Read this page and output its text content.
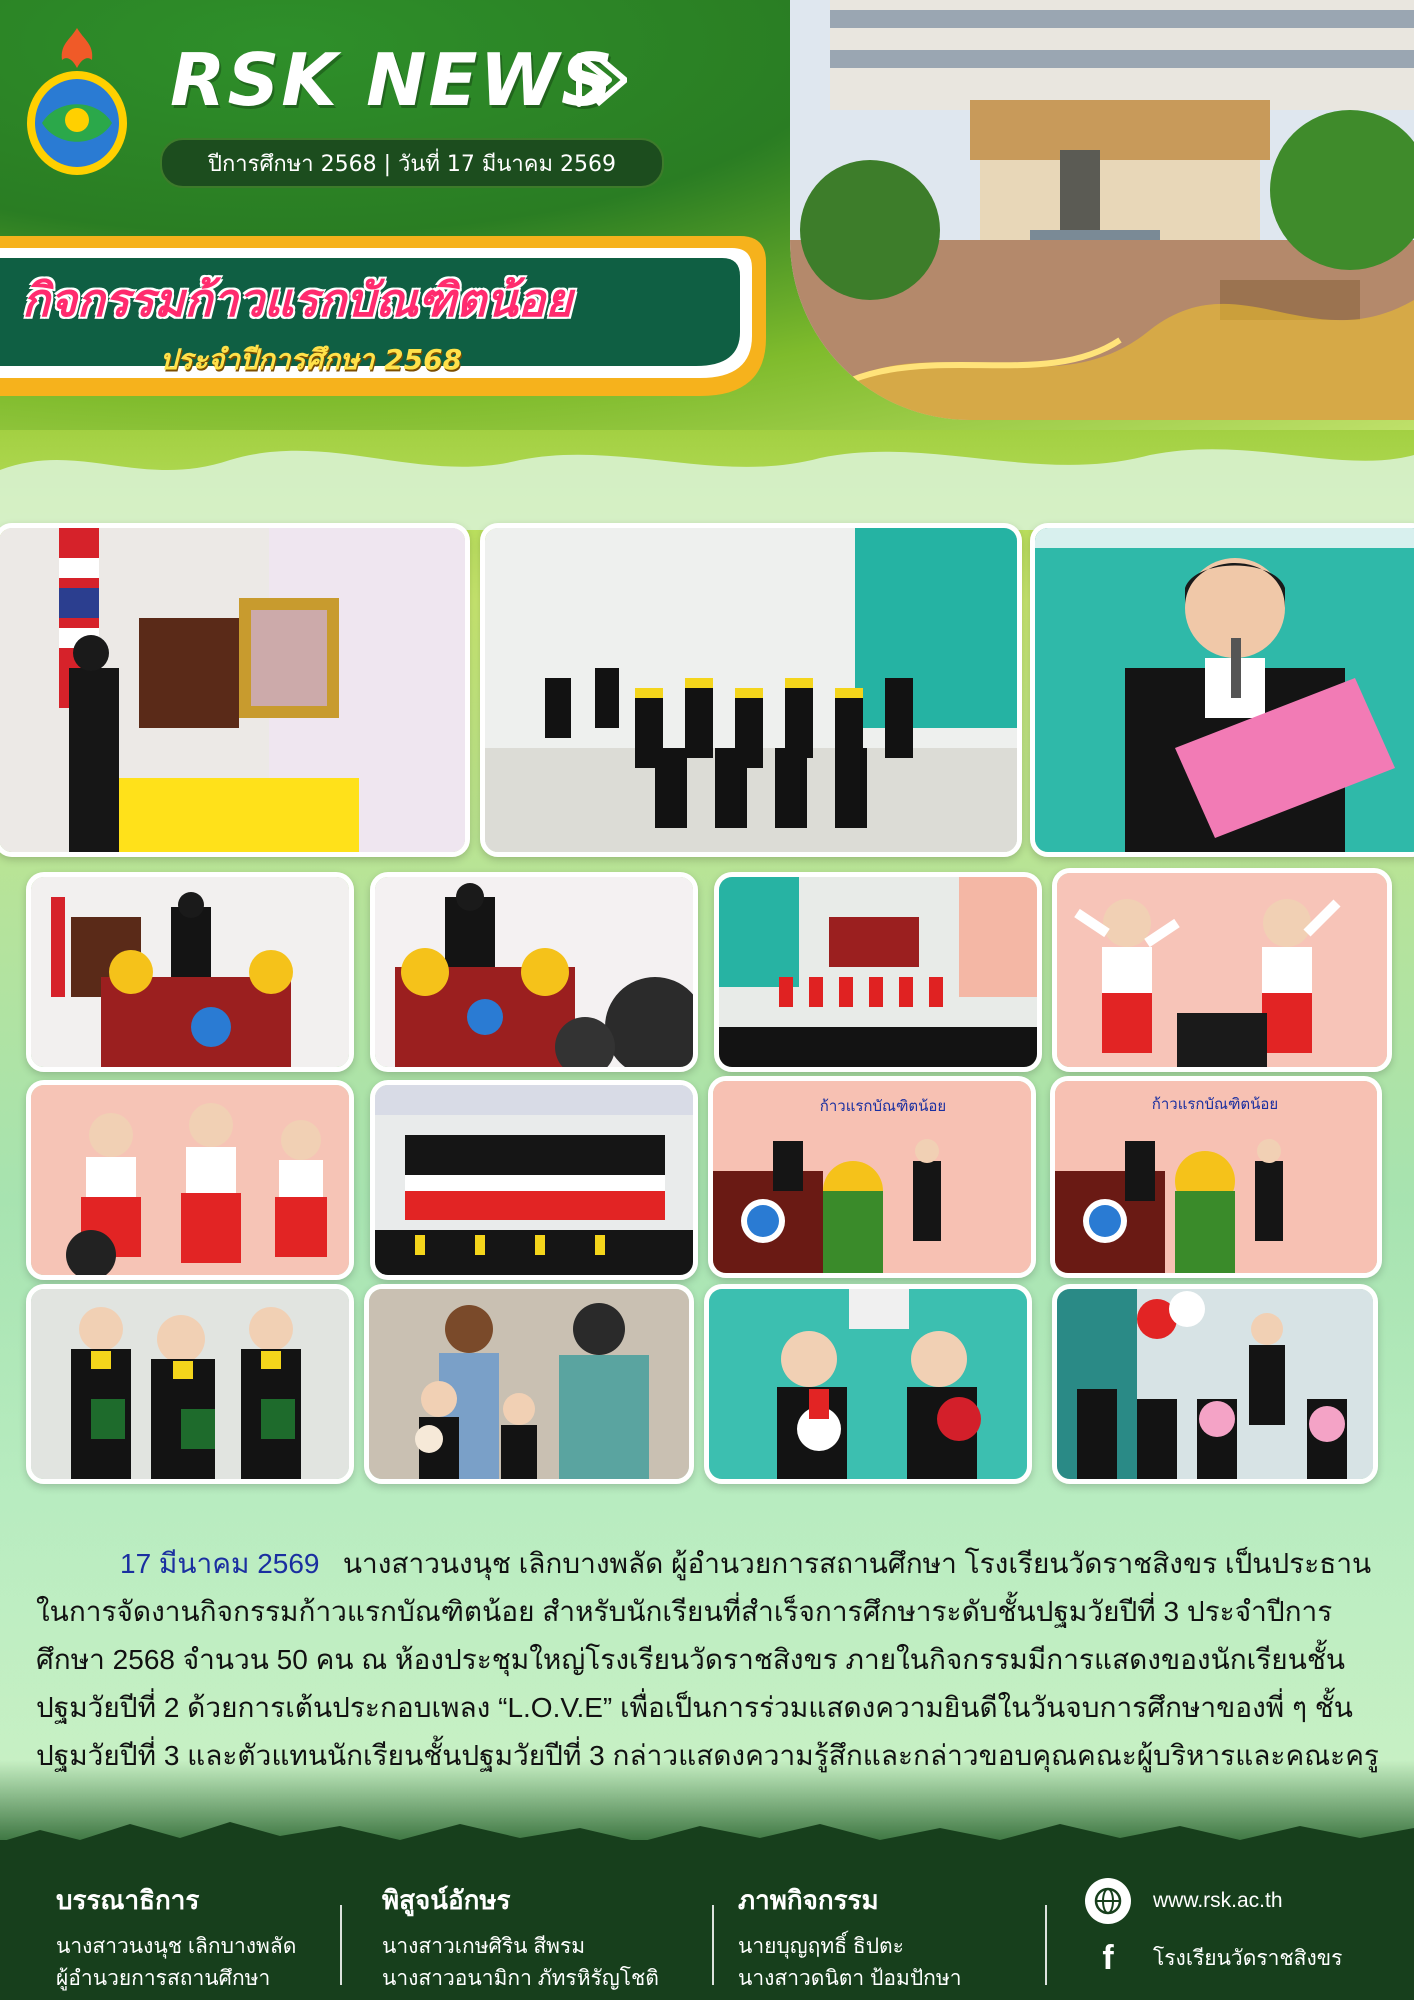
RSK NEWS
ปีการศึกษา 2568 | วันที่ 17 มีนาคม 2569
กิจกรรมก้าวแรกบัณฑิตน้อย
ประจำปีการศึกษา 2568
ก้าวแรกบัณฑิตน้อย	ก้าวแรกบัณฑิตน้อย
17 มีนาคม 2569 นางสาวนงนุช เลิกบางพลัด ผู้อำนวยการสถานศึกษา โรงเรียนวัดราชสิงขร เป็นประธานในการจัดงานกิจกรรมก้าวแรกบัณฑิตน้อย สำหรับนักเรียนที่สำเร็จการศึกษาระดับชั้นปฐมวัยปีที่ 3 ประจำปีการศึกษา 2568 จำนวน 50 คน ณ ห้องประชุมใหญ่โรงเรียนวัดราชสิงขร ภายในกิจกรรมมีการแสดงของนักเรียนชั้นปฐมวัยปีที่ 2 ด้วยการเต้นประกอบเพลง “L.O.V.E” เพื่อเป็นการร่วมแสดงความยินดีในวันจบการศึกษาของพี่ ๆ ชั้นปฐมวัยปีที่ 3 และตัวแทนนักเรียนชั้นปฐมวัยปีที่ 3 กล่าวแสดงความรู้สึกและกล่าวขอบคุณคณะผู้บริหารและคณะครู
บรรณาธิการ
นางสาวนงนุช เลิกบางพลัด
ผู้อำนวยการสถานศึกษา
พิสูจน์อักษร
นางสาวเกษศิริน สีพรม
นางสาวอนามิกา ภัทรหิรัญโชติ
ภาพกิจกรรม
นายบุญฤทธิ์ ธิปตะ
นางสาวดนิตา ป้อมปักษา
www.rsk.ac.th
f	โรงเรียนวัดราชสิงขร
